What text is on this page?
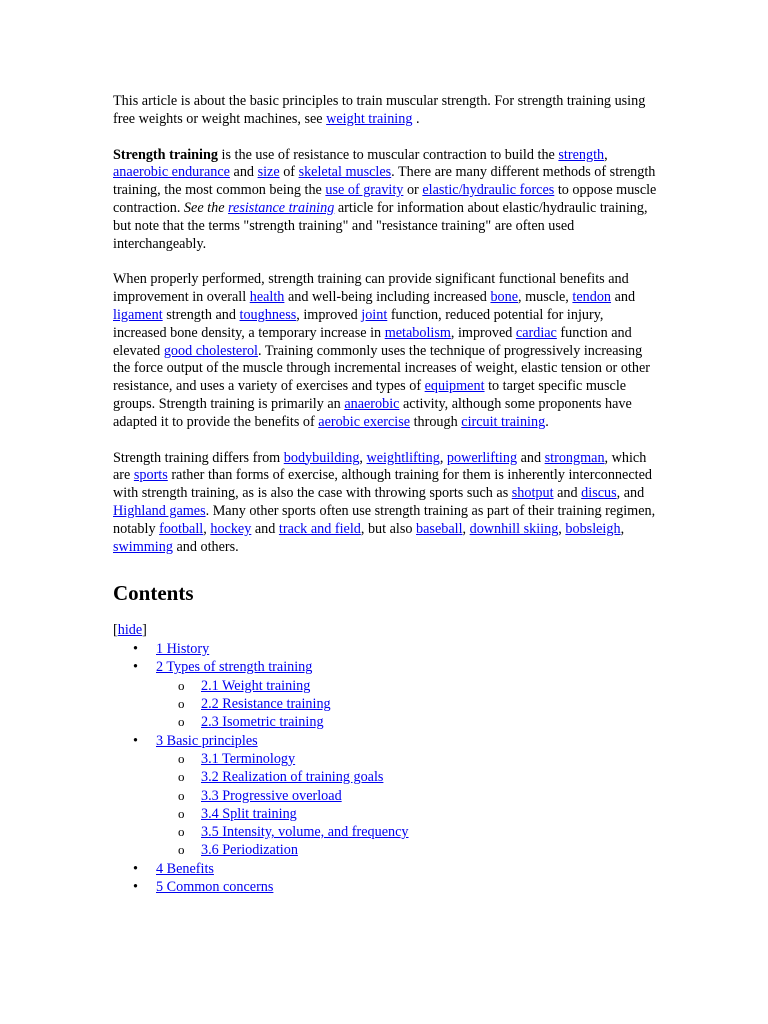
This article is about the basic principles to train muscular strength. For strength training using free weights or weight machines, see weight training .

Strength training is the use of resistance to muscular contraction to build the strength, anaerobic endurance and size of skeletal muscles. There are many different methods of strength training, the most common being the use of gravity or elastic/hydraulic forces to oppose muscle contraction. See the resistance training article for information about elastic/hydraulic training, but note that the terms "strength training" and "resistance training" are often used interchangeably.

When properly performed, strength training can provide significant functional benefits and improvement in overall health and well-being including increased bone, muscle, tendon and ligament strength and toughness, improved joint function, reduced potential for injury, increased bone density, a temporary increase in metabolism, improved cardiac function and elevated good cholesterol. Training commonly uses the technique of progressively increasing the force output of the muscle through incremental increases of weight, elastic tension or other resistance, and uses a variety of exercises and types of equipment to target specific muscle groups. Strength training is primarily an anaerobic activity, although some proponents have adapted it to provide the benefits of aerobic exercise through circuit training.

Strength training differs from bodybuilding, weightlifting, powerlifting and strongman, which are sports rather than forms of exercise, although training for them is inherently interconnected with strength training, as is also the case with throwing sports such as shotput and discus, and Highland games. Many other sports often use strength training as part of their training regimen, notably football, hockey and track and field, but also baseball, downhill skiing, bobsleigh, swimming and others.

Contents
[hide]
• 1 History
• 2 Types of strength training
o 2.1 Weight training
o 2.2 Resistance training
o 2.3 Isometric training
• 3 Basic principles
o 3.1 Terminology
o 3.2 Realization of training goals
o 3.3 Progressive overload
o 3.4 Split training
o 3.5 Intensity, volume, and frequency
o 3.6 Periodization
• 4 Benefits
• 5 Common concerns
